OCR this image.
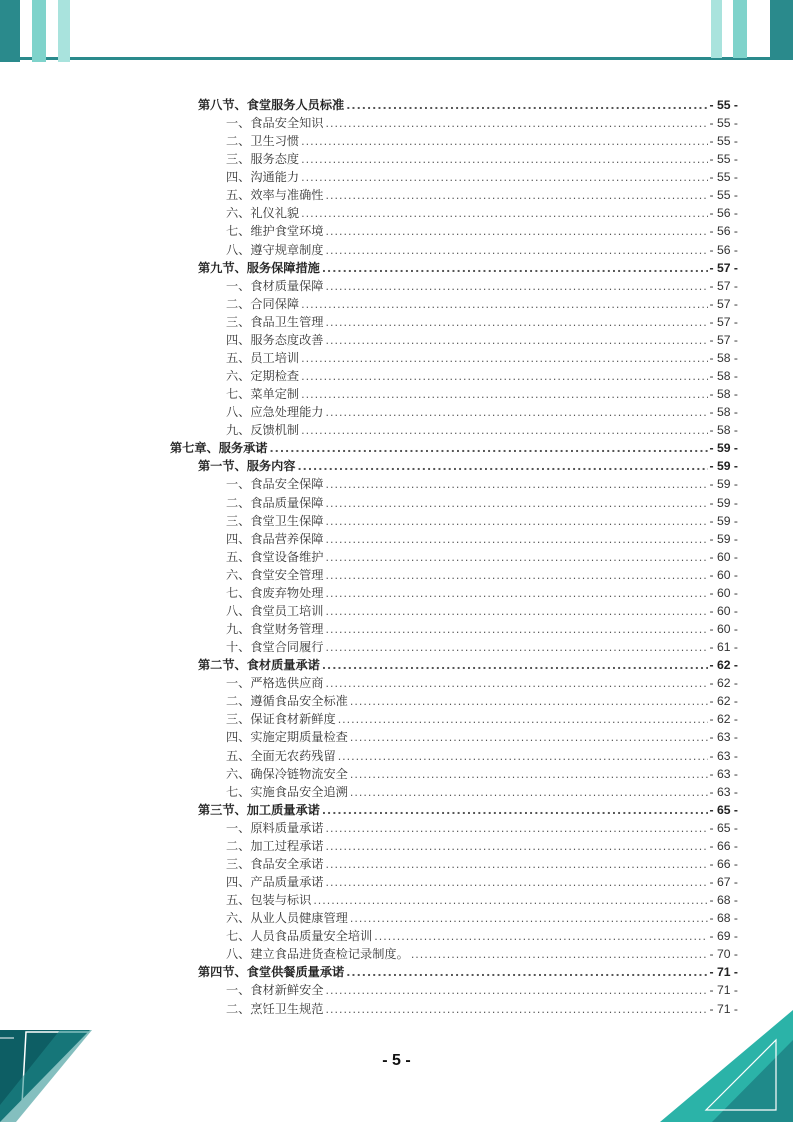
第八节、食堂服务人员标准 .....	- 55 -
一、食品安全知识 .....	- 55 -
二、卫生习惯 .....	- 55 -
三、服务态度 .....	- 55 -
四、沟通能力 .....	- 55 -
五、效率与准确性 .....	- 55 -
六、礼仪礼貌 .....	- 56 -
七、维护食堂环境 .....	- 56 -
八、遵守规章制度 .....	- 56 -
第九节、服务保障措施 .....	- 57 -
一、食材质量保障 .....	- 57 -
二、合同保障 .....	- 57 -
三、食品卫生管理 .....	- 57 -
四、服务态度改善 .....	- 57 -
五、员工培训 .....	- 58 -
六、定期检查 .....	- 58 -
七、菜单定制 .....	- 58 -
八、应急处理能力 .....	- 58 -
九、反馈机制 .....	- 58 -
第七章、服务承诺 .....	- 59 -
第一节、服务内容 .....	- 59 -
一、食品安全保障 .....	- 59 -
二、食品质量保障 .....	- 59 -
三、食堂卫生保障 .....	- 59 -
四、食品营养保障 .....	- 59 -
五、食堂设备维护 .....	- 60 -
六、食堂安全管理 .....	- 60 -
七、食废弃物处理 .....	- 60 -
八、食堂员工培训 .....	- 60 -
九、食堂财务管理 .....	- 60 -
十、食堂合同履行 .....	- 61 -
第二节、食材质量承诺 .....	- 62 -
一、严格选供应商 .....	- 62 -
二、遵循食品安全标准 .....	- 62 -
三、保证食材新鲜度 .....	- 62 -
四、实施定期质量检查 .....	- 63 -
五、全面无农药残留 .....	- 63 -
六、确保冷链物流安全 .....	- 63 -
七、实施食品安全追溯 .....	- 63 -
第三节、加工质量承诺 .....	- 65 -
一、原料质量承诺 .....	- 65 -
二、加工过程承诺 .....	- 66 -
三、食品安全承诺 .....	- 66 -
四、产品质量承诺 .....	- 67 -
五、包装与标识 .....	- 68 -
六、从业人员健康管理 .....	- 68 -
七、人员食品质量安全培训 .....	- 69 -
八、建立食品进货查检记录制度。 .....	- 70 -
第四节、食堂供餐质量承诺 .....	- 71 -
一、食材新鲜安全 .....	- 71 -
二、烹饪卫生规范 .....	- 71 -
- 5 -
